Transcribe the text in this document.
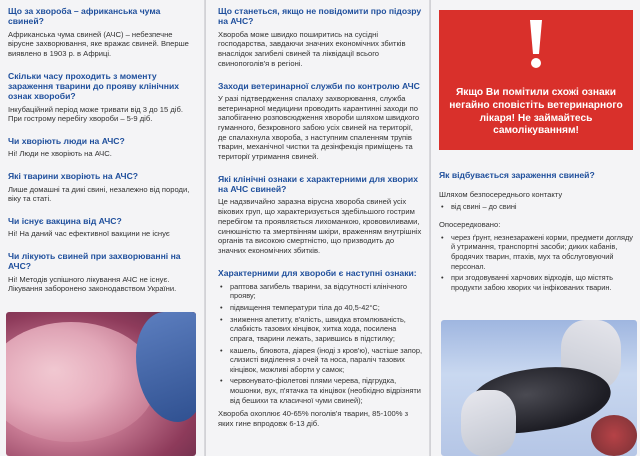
Що за хвороба – африканська чума свиней?
Африканська чума свиней (АЧС) – небезпечне вірусне захворювання, яке вражає свиней. Вперше виявлено в 1903 р. в Африці.
Скільки часу проходить з моменту зараження тварини до прояву клінічних ознак хвороби?
Інкубаційний період може тривати від 3 до 15 діб. При гострому перебігу хвороби – 5-9 діб.
Чи хворіють люди на АЧС?
Ні! Люди не хворіють на АЧС.
Які тварини хворіють на АЧС?
Лише домашні та дикі свині, незалежно від породи, віку та статі.
Чи існує вакцина від АЧС?
Ні! На даний час ефективної вакцини не існує
Чи лікують свиней при захворюванні на АЧС?
Ні! Методів успішного лікування АЧС не існує. Лікування заборонено законодавством України.
Що станеться, якщо не повідомити про підозру на АЧС?
Хвороба може швидко поширитись на сусідні господарства, завдаючи значних економічних збитків внаслідок загибелі свиней та ліквідації всього свинопоголів'я в регіоні.
Заходи ветеринарної служби по контролю АЧС
У разі підтвердження спалаху захворювання, служба ветеринарної медицини проводить карантинні заходи по запобіганню розповсюдження хвороби шляхом швидкого гуманного, безкровного забою усіх свиней на території, де спалахнула хвороба, з наступним спаленням трупів тварин, механічної чистки та дезінфекція приміщень та території утримання свиней.
Які клінічні ознаки є характерними для хворих на АЧС свиней?
Це надзвичайно заразна вірусна хвороба свиней усіх вікових груп, що характеризується здебільшого гострим перебігом та проявляється лихоманкою, крововиливами, синюшністю та змертвінням шкіри, враженням внутрішніх органів та високою смертністю, що призводить до значних економічних збитків.
Характерними для хвороби є наступні ознаки:
• раптова загибель тварини, за відсутності клінічного прояву;
• підвищення температури тіла до 40,5-42°С;
• зниження апетиту, в'ялість, швидка втомлюваність, слабкість тазових кінцівок, хитка хода, посилена спрага, тварини лежать, зарившись в підстилку;
• кашель, блювота, діарея (іноді з кров'ю), частіше запор, слизисті виділення з очей та носа, параліч тазових кінцівок, можливі аборти у самок;
• червонувато-фіолетові плями черева, підгрудка, мошонки, вух, п'ятачка та кінцівок (необхідно відрізняти від бешихи та класичної чуми свиней);
Хвороба охоплює 40-65% поголів'я тварин, 85-100% з яких гине впродовж 6-13 діб.
Якщо Ви помітили схожі ознаки негайно сповістіть ветеринарного лікаря! Не займайтесь самолікуванням!
Як відбувається зараження свиней?
Шляхом безпосереднього контакту
• від свині – до свині
Опосередковано:
• через ґрунт, незнезаражені корми, предмети догляду й утримання, транспортні засоби; диких кабанів, бродячих тварин, птахів, мух та обслуговуючий персонал.
• при згодовуванні харчових відходів, що містять продукти забою хворих чи інфікованих тварин.
